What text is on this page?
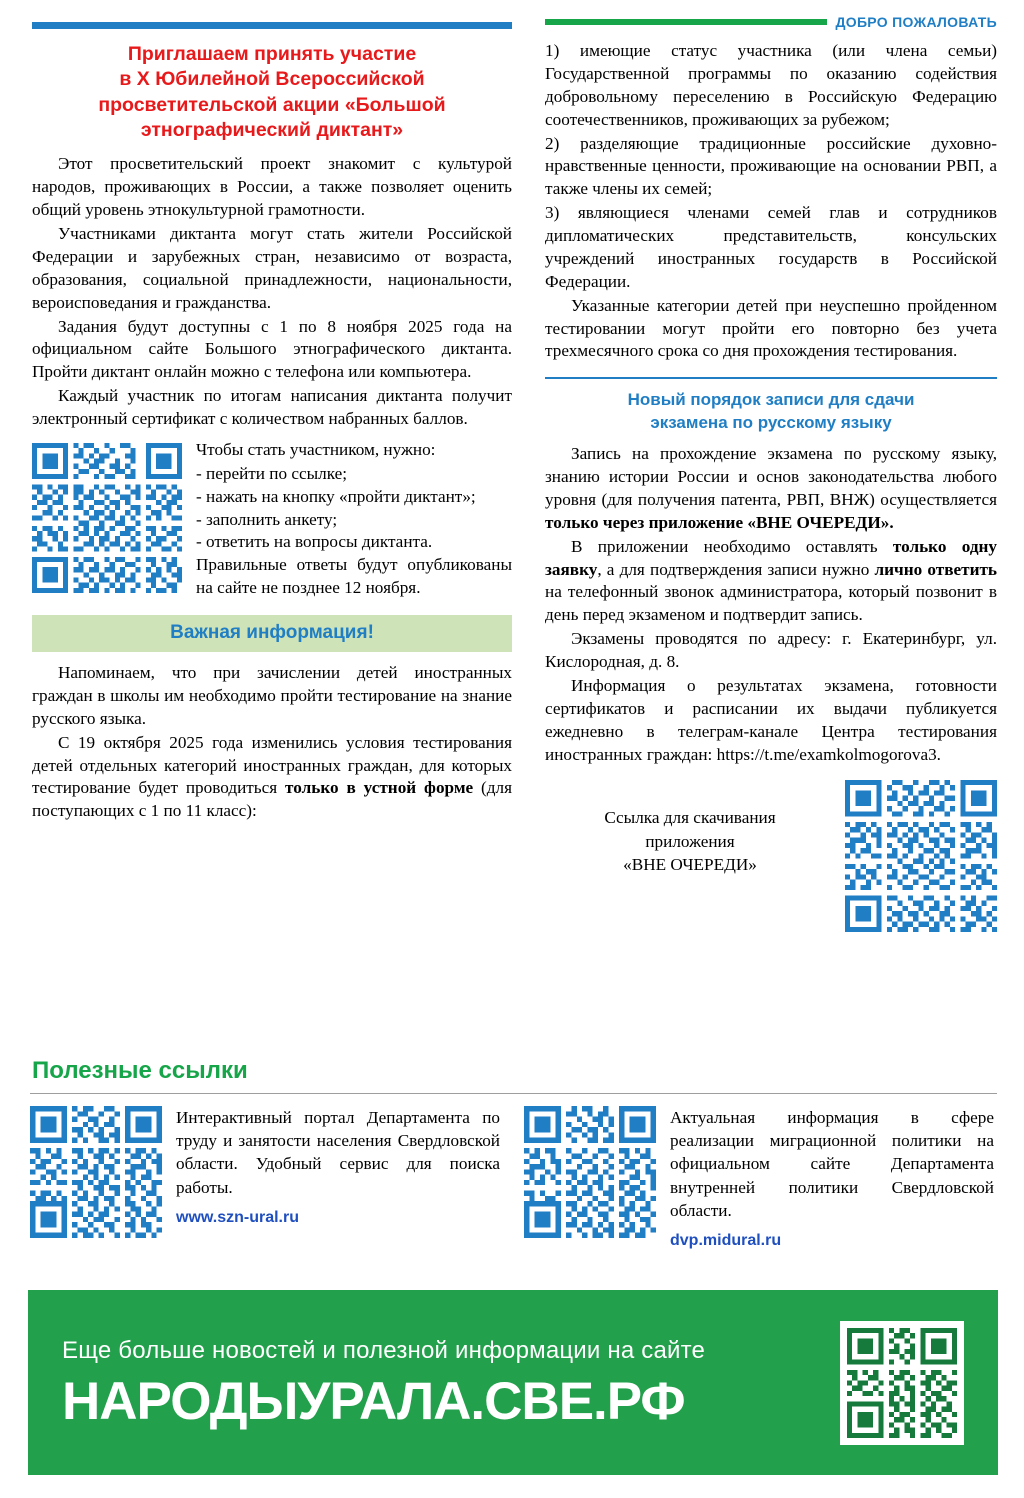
Приглашаем принять участие
в X Юбилейной Всероссийской
просветительской акции «Большой
этнографический диктант»

Этот просветительский проект знакомит с культурой народов, проживающих в России, а также позволяет оценить общий уровень этнокультурной грамотности.

Участниками диктанта могут стать жители Российской Федерации и зарубежных стран, независимо от возраста, образования, социальной принадлежности, национальности, вероисповедания и гражданства.

Задания будут доступны с 1 по 8 ноября 2025 года на официальном сайте Большого этнографического диктанта. Пройти диктант онлайн можно с телефона или компьютера.

Каждый участник по итогам написания диктанта получит электронный сертификат с количеством набранных баллов.

Чтобы стать участником, нужно:

- перейти по ссылке;

- нажать на кнопку «пройти диктант»;

- заполнить анкету;

- ответить на вопросы диктанта.

Правильные ответы будут опубликованы на сайте не позднее 12 ноября.

Важная информация!

Напоминаем, что при зачислении детей иностранных граждан в школы им необходимо пройти тестирование на знание русского языка.

С 19 октября 2025 года изменились условия тестирования детей отдельных категорий иностранных граждан, для которых тестирование будет проводиться только в устной форме (для поступающих с 1 по 11 класс):

ДОБРО ПОЖАЛОВАТЬ

1) имеющие статус участника (или члена семьи) Государственной программы по оказанию содействия добровольному переселению в Российскую Федерацию соотечественников, проживающих за рубежом;

2) разделяющие традиционные российские духовно-нравственные ценности, проживающие на основании РВП, а также члены их семей;

3) являющиеся членами семей глав и сотрудников дипломатических представительств, консульских учреждений иностранных государств в Российской Федерации.

Указанные категории детей при неуспешно пройденном тестировании могут пройти его повторно без учета трехмесячного срока со дня прохождения тестирования.

Новый порядок записи для сдачи
экзамена по русскому языку

Запись на прохождение экзамена по русскому языку, знанию истории России и основ законодательства любого уровня (для получения патента, РВП, ВНЖ) осуществляется только через приложение «ВНЕ ОЧЕРЕДИ».

В приложении необходимо оставлять только одну заявку, а для подтверждения записи нужно лично ответить на телефонный звонок администратора, который позвонит в день перед экзаменом и подтвердит запись.

Экзамены проводятся по адресу: г. Екатеринбург, ул. Кислородная, д. 8.

Информация о результатах экзамена, готовности сертификатов и расписании их выдачи публикуется ежедневно в телеграм-канале Центра тестирования иностранных граждан: https://t.me/examkolmogorova3.

Ссылка для скачивания
приложения
«ВНЕ ОЧЕРЕДИ»
Полезные ссылки
Интерактивный портал Департамента по труду и занятости населения Свердловской области. Удобный сервис для поиска работы.
www.szn-ural.ru
Актуальная информация в сфере реализации миграционной политики на официальном сайте Департамента внутренней политики Свердловской области.
dvp.midural.ru
Еще больше новостей и полезной информации на сайте
НАРОДЫУРАЛА.СВЕ.РФ
